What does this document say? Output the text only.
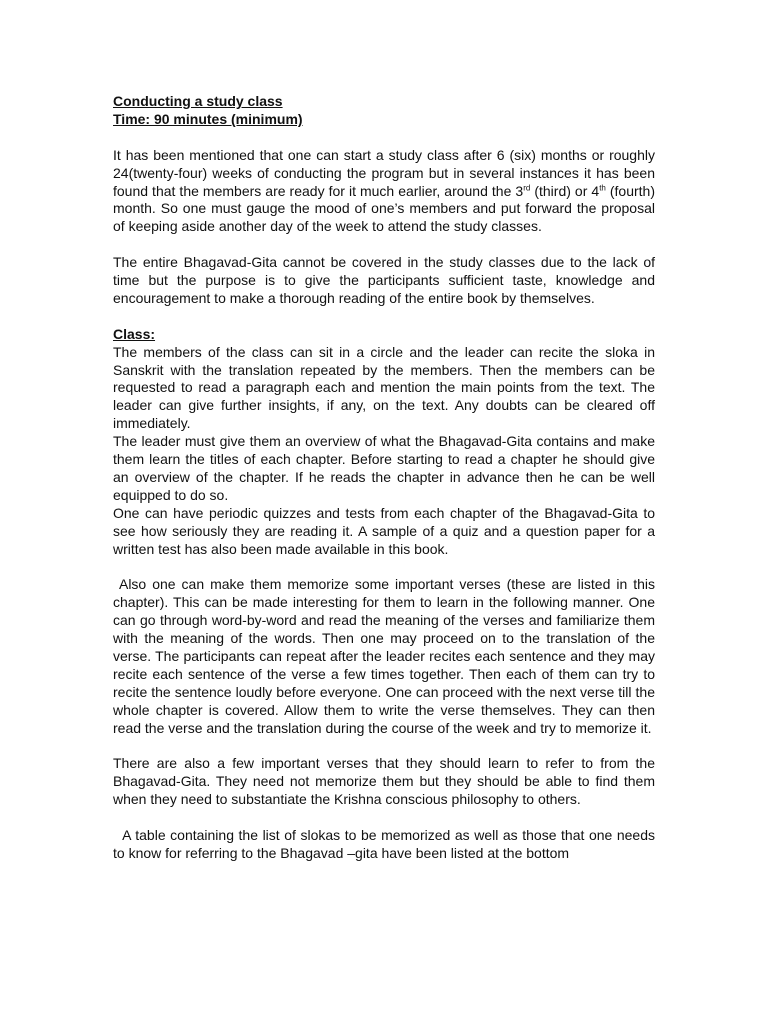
Conducting a study class
Time: 90 minutes (minimum)

It has been mentioned that one can start a study class after 6 (six) months or roughly 24(twenty-four) weeks of conducting the program but in several instances it has been found that the members are ready for it much earlier, around the 3rd (third) or 4th (fourth) month. So one must gauge the mood of one’s members and put forward the proposal of keeping aside another day of the week to attend the study classes.

The entire Bhagavad-Gita cannot be covered in the study classes due to the lack of time but the purpose is to give the participants sufficient taste, knowledge and encouragement to make a thorough reading of the entire book by themselves.

Class:

The members of the class can sit in a circle and the leader can recite the sloka in Sanskrit with the translation repeated by the members. Then the members can be requested to read a paragraph each and mention the main points from the text. The leader can give further insights, if any, on the text. Any doubts can be cleared off immediately.

The leader must give them an overview of what the Bhagavad-Gita contains and make them learn the titles of each chapter. Before starting to read a chapter he should give an overview of the chapter. If he reads the chapter in advance then he can be well equipped to do so.

One can have periodic quizzes and tests from each chapter of the Bhagavad-Gita to see how seriously they are reading it. A sample of a quiz and a question paper for a written test has also been made available in this book.

Also one can make them memorize some important verses (these are listed in this chapter). This can be made interesting for them to learn in the following manner. One can go through word-by-word and read the meaning of the verses and familiarize them with the meaning of the words. Then one may proceed on to the translation of the verse. The participants can repeat after the leader recites each sentence and they may recite each sentence of the verse a few times together. Then each of them can try to recite the sentence loudly before everyone. One can proceed with the next verse till the whole chapter is covered. Allow them to write the verse themselves. They can then read the verse and the translation during the course of the week and try to memorize it.

There are also a few important verses that they should learn to refer to from the Bhagavad-Gita. They need not memorize them but they should be able to find them when they need to substantiate the Krishna conscious philosophy to others.

A table containing the list of slokas to be memorized as well as those that one needs to know for referring to the Bhagavad –gita have been listed at the bottom
